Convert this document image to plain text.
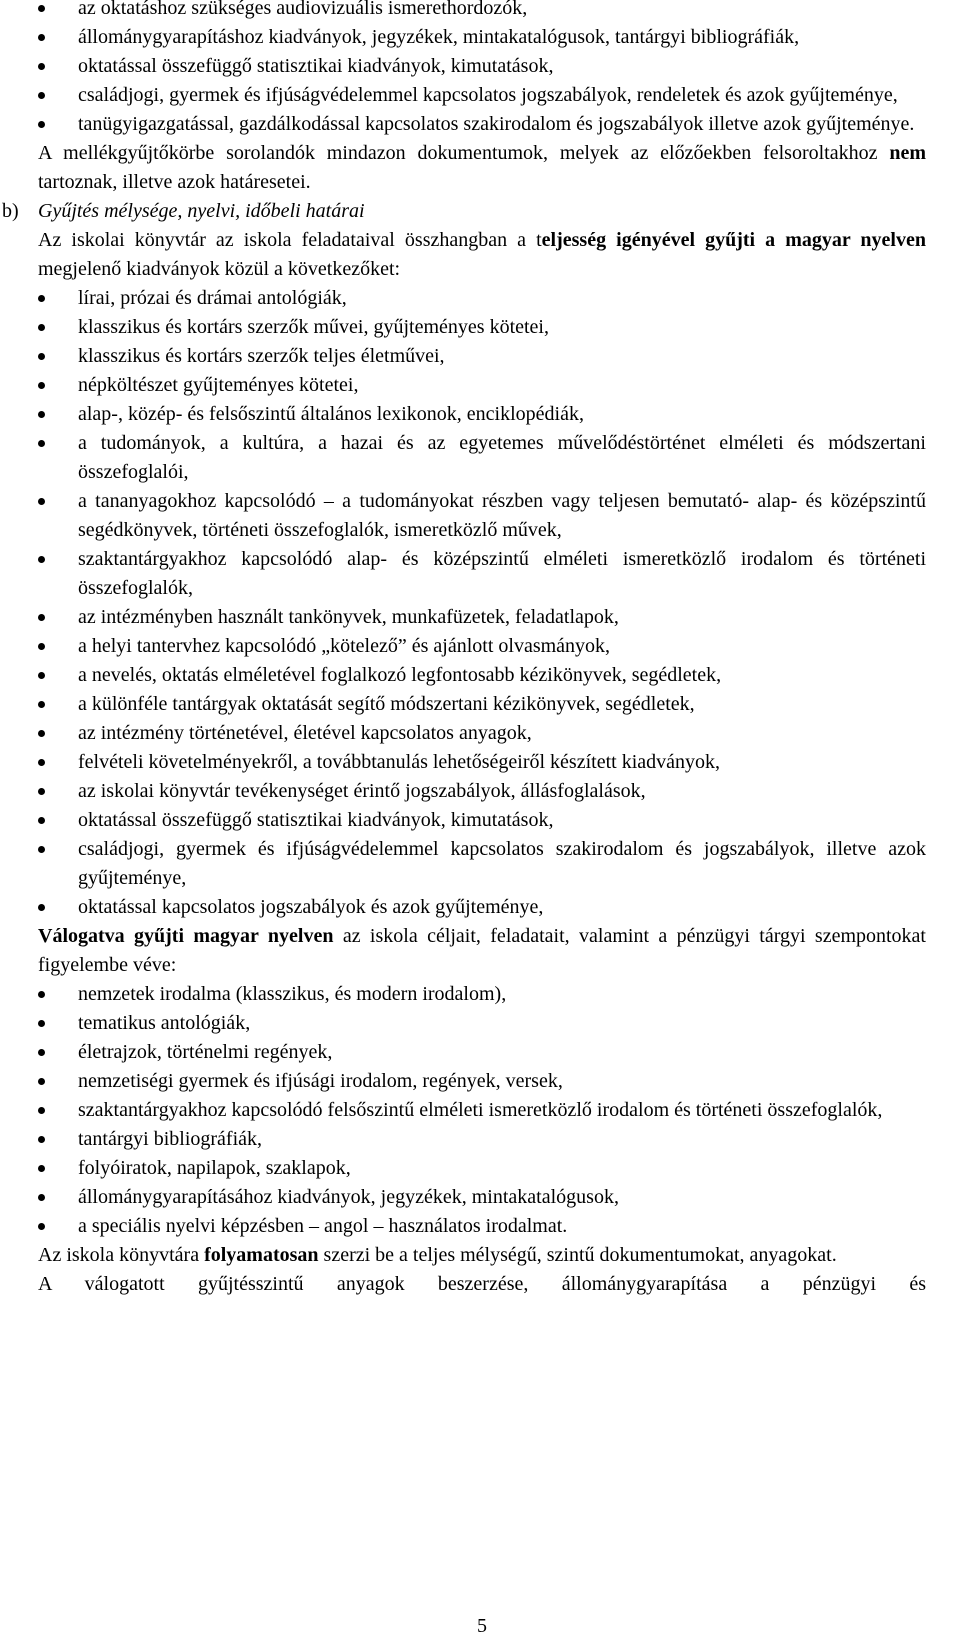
az oktatáshoz szükséges audiovizuális ismerethordozók,
állománygyarapításhoz kiadványok, jegyzékek, mintakatalógusok, tantárgyi bibliográfiák,
oktatással összefüggő statisztikai kiadványok, kimutatások,
családjogi, gyermek és ifjúságvédelemmel kapcsolatos jogszabályok, rendeletek és azok gyűjteménye,
tanügyigazgatással, gazdálkodással kapcsolatos szakirodalom és jogszabályok illetve azok gyűjteménye.

A mellékgyűjtőkörbe sorolandók mindazon dokumentumok, melyek az előzőekben felsoroltakhoz nem tartoznak, illetve azok határesetei.

b) Gyűjtés mélysége, nyelvi, időbeli határai

Az iskolai könyvtár az iskola feladataival összhangban a teljesség igényével gyűjti a magyar nyelven megjelenő kiadványok közül a következőket:

lírai, prózai és drámai antológiák,
klasszikus és kortárs szerzők művei, gyűjteményes kötetei,
klasszikus és kortárs szerzők teljes életművei,
népköltészet gyűjteményes kötetei,
alap-, közép- és felsőszintű általános lexikonok, enciklopédiák,
a tudományok, a kultúra, a hazai és az egyetemes művelődéstörténet elméleti és módszertani összefoglalói,
a tananyagokhoz kapcsolódó – a tudományokat részben vagy teljesen bemutató- alap- és középszintű segédkönyvek, történeti összefoglalók, ismeretközlő művek,
szaktantárgyakhoz kapcsolódó alap- és középszintű elméleti ismeretközlő irodalom és történeti összefoglalók,
az intézményben használt tankönyvek, munkafüzetek, feladatlapok,
a helyi tantervhez kapcsolódó „kötelező” és ajánlott olvasmányok,
a nevelés, oktatás elméletével foglalkozó legfontosabb kézikönyvek, segédletek,
a különféle tantárgyak oktatását segítő módszertani kézikönyvek, segédletek,
az intézmény történetével, életével kapcsolatos anyagok,
felvételi követelményekről, a továbbtanulás lehetőségeiről készített kiadványok,
az iskolai könyvtár tevékenységet érintő jogszabályok, állásfoglalások,
oktatással összefüggő statisztikai kiadványok, kimutatások,
családjogi, gyermek és ifjúságvédelemmel kapcsolatos szakirodalom és jogszabályok, illetve azok gyűjteménye,
oktatással kapcsolatos jogszabályok és azok gyűjteménye,

Válogatva gyűjti magyar nyelven az iskola céljait, feladatait, valamint a pénzügyi tárgyi szempontokat figyelembe véve:

nemzetek irodalma (klasszikus, és modern irodalom),
tematikus antológiák,
életrajzok, történelmi regények,
nemzetiségi gyermek és ifjúsági irodalom, regények, versek,
szaktantárgyakhoz kapcsolódó felsőszintű elméleti ismeretközlő irodalom és történeti összefoglalók,
tantárgyi bibliográfiák,
folyóiratok, napilapok, szaklapok,
állománygyarapításához kiadványok, jegyzékek, mintakatalógusok,
a speciális nyelvi képzésben – angol – használatos irodalmat.

Az iskola könyvtára folyamatosan szerzi be a teljes mélységű, szintű dokumentumokat, anyagokat.

A válogatott gyűjtésszintű anyagok beszerzése, állománygyarapítása a pénzügyi és

5
